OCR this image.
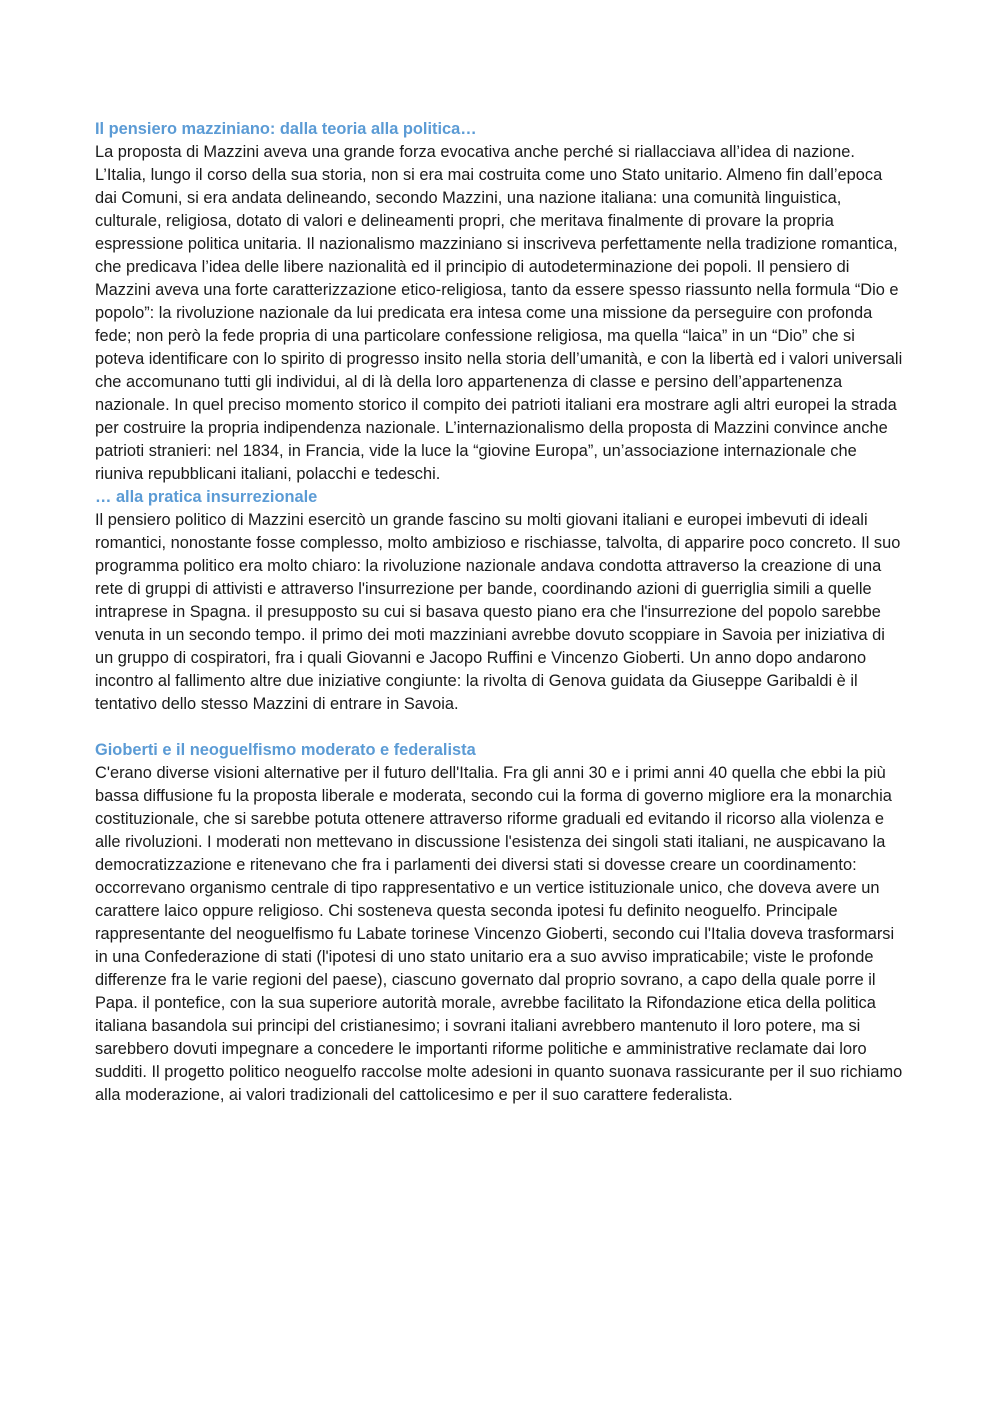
Il pensiero mazziniano: dalla teoria alla politica…

La proposta di Mazzini aveva una grande forza evocativa anche perché si riallacciava all’idea di nazione. L’Italia, lungo il corso della sua storia, non si era mai costruita come uno Stato unitario. Almeno fin dall’epoca dai Comuni, si era andata delineando, secondo Mazzini, una nazione italiana: una comunità linguistica, culturale, religiosa, dotato di valori e delineamenti propri, che meritava finalmente di provare la propria espressione politica unitaria. Il nazionalismo mazziniano si inscriveva perfettamente nella tradizione romantica, che predicava l’idea delle libere nazionalità ed il principio di autodeterminazione dei popoli. Il pensiero di Mazzini aveva una forte caratterizzazione etico-religiosa, tanto da essere spesso riassunto nella formula “Dio e popolo”: la rivoluzione nazionale da lui predicata era intesa come una missione da perseguire con profonda fede; non però la fede propria di una particolare confessione religiosa, ma quella “laica” in un “Dio” che si poteva identificare con lo spirito di progresso insito nella storia dell’umanità, e con la libertà ed i valori universali che accomunano tutti gli individui, al di là della loro appartenenza di classe e persino dell’appartenenza nazionale. In quel preciso momento storico il compito dei patrioti italiani era mostrare agli altri europei la strada per costruire la propria indipendenza nazionale. L’internazionalismo della proposta di Mazzini convince anche patrioti stranieri: nel 1834, in Francia, vide la luce la “giovine Europa”, un’associazione internazionale che riuniva repubblicani italiani, polacchi e tedeschi.

… alla pratica insurrezionale

Il pensiero politico di Mazzini esercitò un grande fascino su molti giovani italiani e europei imbevuti di ideali romantici, nonostante fosse complesso, molto ambizioso e rischiasse, talvolta, di apparire poco concreto. Il suo programma politico era molto chiaro: la rivoluzione nazionale andava condotta attraverso la creazione di una rete di gruppi di attivisti e attraverso l'insurrezione per bande, coordinando azioni di guerriglia simili a quelle intraprese in Spagna. il presupposto su cui si basava questo piano era che l'insurrezione del popolo sarebbe venuta in un secondo tempo. il primo dei moti mazziniani avrebbe dovuto scoppiare in Savoia per iniziativa di un gruppo di cospiratori, fra i quali Giovanni e Jacopo Ruffini e Vincenzo Gioberti. Un anno dopo andarono incontro al fallimento altre due iniziative congiunte: la rivolta di Genova guidata da Giuseppe Garibaldi è il tentativo dello stesso Mazzini di entrare in Savoia.

Gioberti e il neoguelfismo moderato e federalista

C'erano diverse visioni alternative per il futuro dell'Italia. Fra gli anni 30 e i primi anni 40 quella che ebbi la più bassa diffusione fu la proposta liberale e moderata, secondo cui la forma di governo migliore era la monarchia costituzionale, che si sarebbe potuta ottenere attraverso riforme graduali ed evitando il ricorso alla violenza e alle rivoluzioni. I moderati non mettevano in discussione l'esistenza dei singoli stati italiani, ne auspicavano la democratizzazione e ritenevano che fra i parlamenti dei diversi stati si dovesse creare un coordinamento: occorrevano organismo centrale di tipo rappresentativo e un vertice istituzionale unico, che doveva avere un carattere laico oppure religioso. Chi sosteneva questa seconda ipotesi fu definito neoguelfo. Principale rappresentante del neoguelfismo fu Labate torinese Vincenzo Gioberti, secondo cui l'Italia doveva trasformarsi in una Confederazione di stati (l'ipotesi di uno stato unitario era a suo avviso impraticabile; viste le profonde differenze fra le varie regioni del paese), ciascuno governato dal proprio sovrano, a capo della quale porre il Papa. il pontefice, con la sua superiore autorità morale, avrebbe facilitato la Rifondazione etica della politica italiana basandola sui principi del cristianesimo; i sovrani italiani avrebbero mantenuto il loro potere, ma si sarebbero dovuti impegnare a concedere le importanti riforme politiche e amministrative reclamate dai loro sudditi. Il progetto politico neoguelfo raccolse molte adesioni in quanto suonava rassicurante per il suo richiamo alla moderazione, ai valori tradizionali del cattolicesimo e per il suo carattere federalista.
